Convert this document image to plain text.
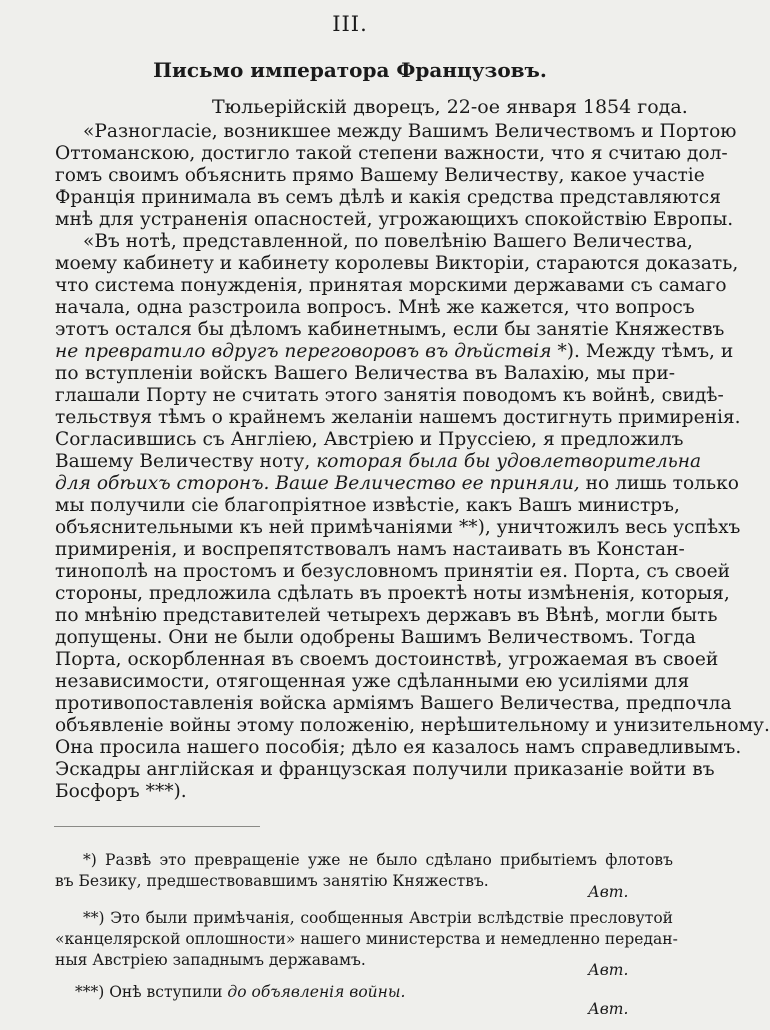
III.
Письмо императора Французовъ.
Тюльерійскій дворецъ, 22-ое января 1854 года.
«Разногласіе, возникшее между Вашимъ Величествомъ и Портою
Оттоманскою, достигло такой степени важности, что я считаю дол-
гомъ своимъ объяснить прямо Вашему Величеству, какое участіе
Франція принимала въ семъ дѣлѣ и какія средства представляются
мнѣ для устраненія опасностей, угрожающихъ спокойствію Европы.
«Въ нотѣ, представленной, по повелѣнію Вашего Величества,
моему кабинету и кабинету королевы Викторіи, стараются доказать,
что система понужденія, принятая морскими державами съ самаго
начала, одна разстроила вопросъ. Мнѣ же кажется, что вопросъ
этотъ остался бы дѣломъ кабинетнымъ, если бы занятіе Княжествъ
не превратило вдругъ переговоровъ въ дѣйствія *). Между тѣмъ, и
по вступленіи войскъ Вашего Величества въ Валахію, мы при-
глашали Порту не считать этого занятія поводомъ къ войнѣ, свидѣ-
тельствуя тѣмъ о крайнемъ желаніи нашемъ достигнуть примиренія.
Согласившись съ Англіею, Австріею и Пруссіею, я предложилъ
Вашему Величеству ноту, которая была бы удовлетворительна
для обѣихъ сторонъ. Ваше Величество ее приняли, но лишь только
мы получили сіе благопріятное извѣстіе, какъ Вашъ министръ,
объяснительными къ ней примѣчаніями **), уничтожилъ весь успѣхъ
примиренія, и воспрепятствовалъ намъ настаивать въ Констан-
тинополѣ на простомъ и безусловномъ принятіи ея. Порта, съ своей
стороны, предложила сдѣлать въ проектѣ ноты измѣненія, которыя,
по мнѣнію представителей четырехъ державъ въ Вѣнѣ, могли быть
допущены. Они не были одобрены Вашимъ Величествомъ. Тогда
Порта, оскорбленная въ своемъ достоинствѣ, угрожаемая въ своей
независимости, отягощенная уже сдѣланными ею усиліями для
противопоставленія войска арміямъ Вашего Величества, предпочла
объявленіе войны этому положенію, нерѣшительному и унизительному.
Она просила нашего пособія; дѣло ея казалось намъ справедливымъ.
Эскадры англійская и французская получили приказаніе войти въ
Босфоръ ***).
*) Развѣ это превращеніе уже не было сдѣлано прибытіемъ флотовъ
въ Безику, предшествовавшимъ занятію Княжествъ.
Авт.
**) Это были примѣчанія, сообщенныя Австріи вслѣдствіе пресловутой
«канцелярской оплошности» нашего министерства и немедленно передан-
ныя Австріею западнымъ державамъ.
Авт.
***) Онѣ вступили до объявленія войны.
Авт.
